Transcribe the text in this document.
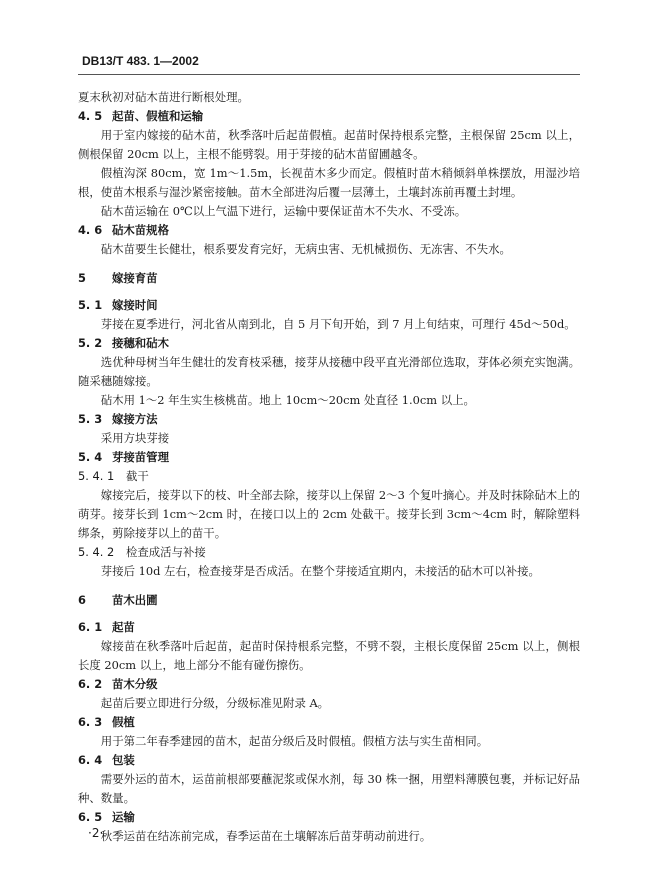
DB13/T 483. 1—2002

夏末秋初对砧木苗进行断根处理。

4. 5 起苗、假植和运输

用于室内嫁接的砧木苗，秋季落叶后起苗假植。起苗时保持根系完整，主根保留 25cm 以上，侧根保留 20cm 以上，主根不能劈裂。用于芽接的砧木苗留圃越冬。

假植沟深 80cm，宽 1m～1.5m，长视苗木多少而定。假植时苗木稍倾斜单株摆放，用湿沙培根，使苗木根系与湿沙紧密接触。苗木全部进沟后覆一层薄土，土壤封冻前再覆土封埋。

砧木苗运输在 0℃以上气温下进行，运输中要保证苗木不失水、不受冻。

4. 6 砧木苗规格

砧木苗要生长健壮，根系要发育完好，无病虫害、无机械损伤、无冻害、不失水。

5 嫁接育苗

5. 1 嫁接时间

芽接在夏季进行，河北省从南到北，自 5 月下旬开始，到 7 月上旬结束，可理行 45d～50d。

5. 2 接穗和砧木

选优种母树当年生健壮的发育枝采穗，接芽从接穗中段平直光滑部位选取，芽体必须充实饱满。随采穗随嫁接。

砧木用 1～2 年生实生核桃苗。地上 10cm～20cm 处直径 1.0cm 以上。

5. 3 嫁接方法

采用方块芽接

5. 4 芽接苗管理

5. 4. 1 截干

嫁接完后，接芽以下的枝、叶全部去除，接芽以上保留 2～3 个复叶摘心。并及时抹除砧木上的萌芽。接芽长到 1cm～2cm 时，在接口以上的 2cm 处截干。接芽长到 3cm～4cm 时，解除塑料绑条，剪除接芽以上的苗干。

5. 4. 2 检查成活与补接

芽接后 10d 左右，检查接芽是否成活。在整个芽接适宜期内，未接活的砧木可以补接。

6 苗木出圃

6. 1 起苗

嫁接苗在秋季落叶后起苗，起苗时保持根系完整，不劈不裂，主根长度保留 25cm 以上，侧根长度 20cm 以上，地上部分不能有碰伤擦伤。

6. 2 苗木分级

起苗后要立即进行分级，分级标准见附录 A。

6. 3 假植

用于第二年春季建园的苗木，起苗分级后及时假植。假植方法与实生苗相同。

6. 4 包装

需要外运的苗木，运苗前根部要蘸泥浆或保水剂，每 30 株一捆，用塑料薄膜包裹，并标记好品种、数量。

6. 5 运输

秋季运苗在结冻前完成，春季运苗在土壤解冻后苗芽萌动前进行。

·2·
